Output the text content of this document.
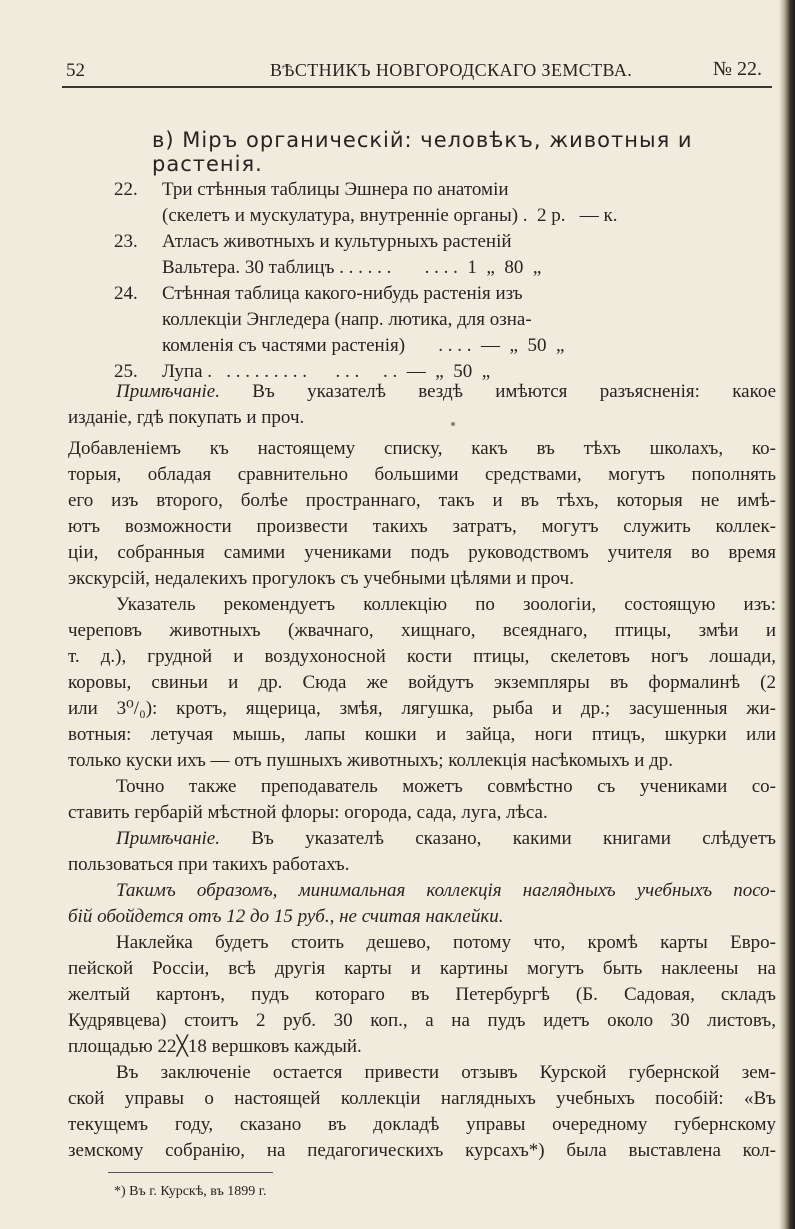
52	ВѢСТНИКЪ НОВГОРОДСКАГО ЗЕМСТВА.	№ 22.
в) Міръ органическій: человѣкъ, животныя и растенія.
22.	Три стѣнныя таблицы Эшнера по анатоміи
(скелетъ и мускулатура, внутренніе органы) .  2 р.   — к.
23.	Атласъ животныхъ и культурныхъ растеній
Вальтера. 30 таблицъ . . . . . .       . . . .  1  „  80  „
24.	Стѣнная таблица какого-нибудь растенія изъ
коллекціи Энгледера (напр. лютика, для озна-
комленія съ частями растенія)       . . . .  —  „  50  „
25.	Лупа .   . . . . . . . . .      . . .     . .  —  „  50  „
Примѣчаніе. Въ указателѣ вездѣ имѣются разъясненія: какое
изданіе, гдѣ покупать и проч.
Добавленіемъ къ настоящему списку, какъ въ тѣхъ школахъ, ко-
торыя, обладая сравнительно большими средствами, могутъ пополнять
его изъ второго, болѣе пространнаго, такъ и въ тѣхъ, которыя не имѣ-
ютъ возможности произвести такихъ затратъ, могутъ служить коллек-
ціи, собранныя самими учениками подъ руководствомъ учителя во время
экскурсій, недалекихъ прогулокъ съ учебными цѣлями и проч.
Указатель рекомендуетъ коллекцію по зоологіи, состоящую изъ:
череповъ животныхъ (жвачнаго, хищнаго, всеяднаго, птицы, змѣи и
т. д.), грудной и воздухоносной кости птицы, скелетовъ ногъ лошади,
коровы, свиньи и др. Сюда же войдутъ экземпляры въ формалинѣ (2
или 3⁰/₀): кротъ, ящерица, змѣя, лягушка, рыба и др.; засушенныя жи-
вотныя: летучая мышь, лапы кошки и зайца, ноги птицъ, шкурки или
только куски ихъ — отъ пушныхъ животныхъ; коллекція насѣкомыхъ и др.
Точно также преподаватель можетъ совмѣстно съ учениками со-
ставить гербарій мѣстной флоры: огорода, сада, луга, лѣса.
Примѣчаніе. Въ указателѣ сказано, какими книгами слѣдуетъ
пользоваться при такихъ работахъ.
Такимъ образомъ, минимальная коллекція наглядныхъ учебныхъ посо-
бій обойдется отъ 12 до 15 руб., не считая наклейки.
Наклейка будетъ стоить дешево, потому что, кромѣ карты Евро-
пейской Россіи, всѣ другія карты и картины могутъ быть наклеены на
желтый картонъ, пудъ котораго въ Петербургѣ (Б. Садовая, складъ
Кудрявцева) стоитъ 2 руб. 30 коп., а на пудъ идетъ около 30 листовъ,
площадью 22╳18 вершковъ каждый.
Въ заключеніе остается привести отзывъ Курской губернской зем-
ской управы о настоящей коллекціи наглядныхъ учебныхъ пособій: «Въ
текущемъ году, сказано въ докладѣ управы очередному губернскому
земскому собранію, на педагогическихъ курсахъ*) была выставлена кол-
*) Въ г. Курскѣ, въ 1899 г.
